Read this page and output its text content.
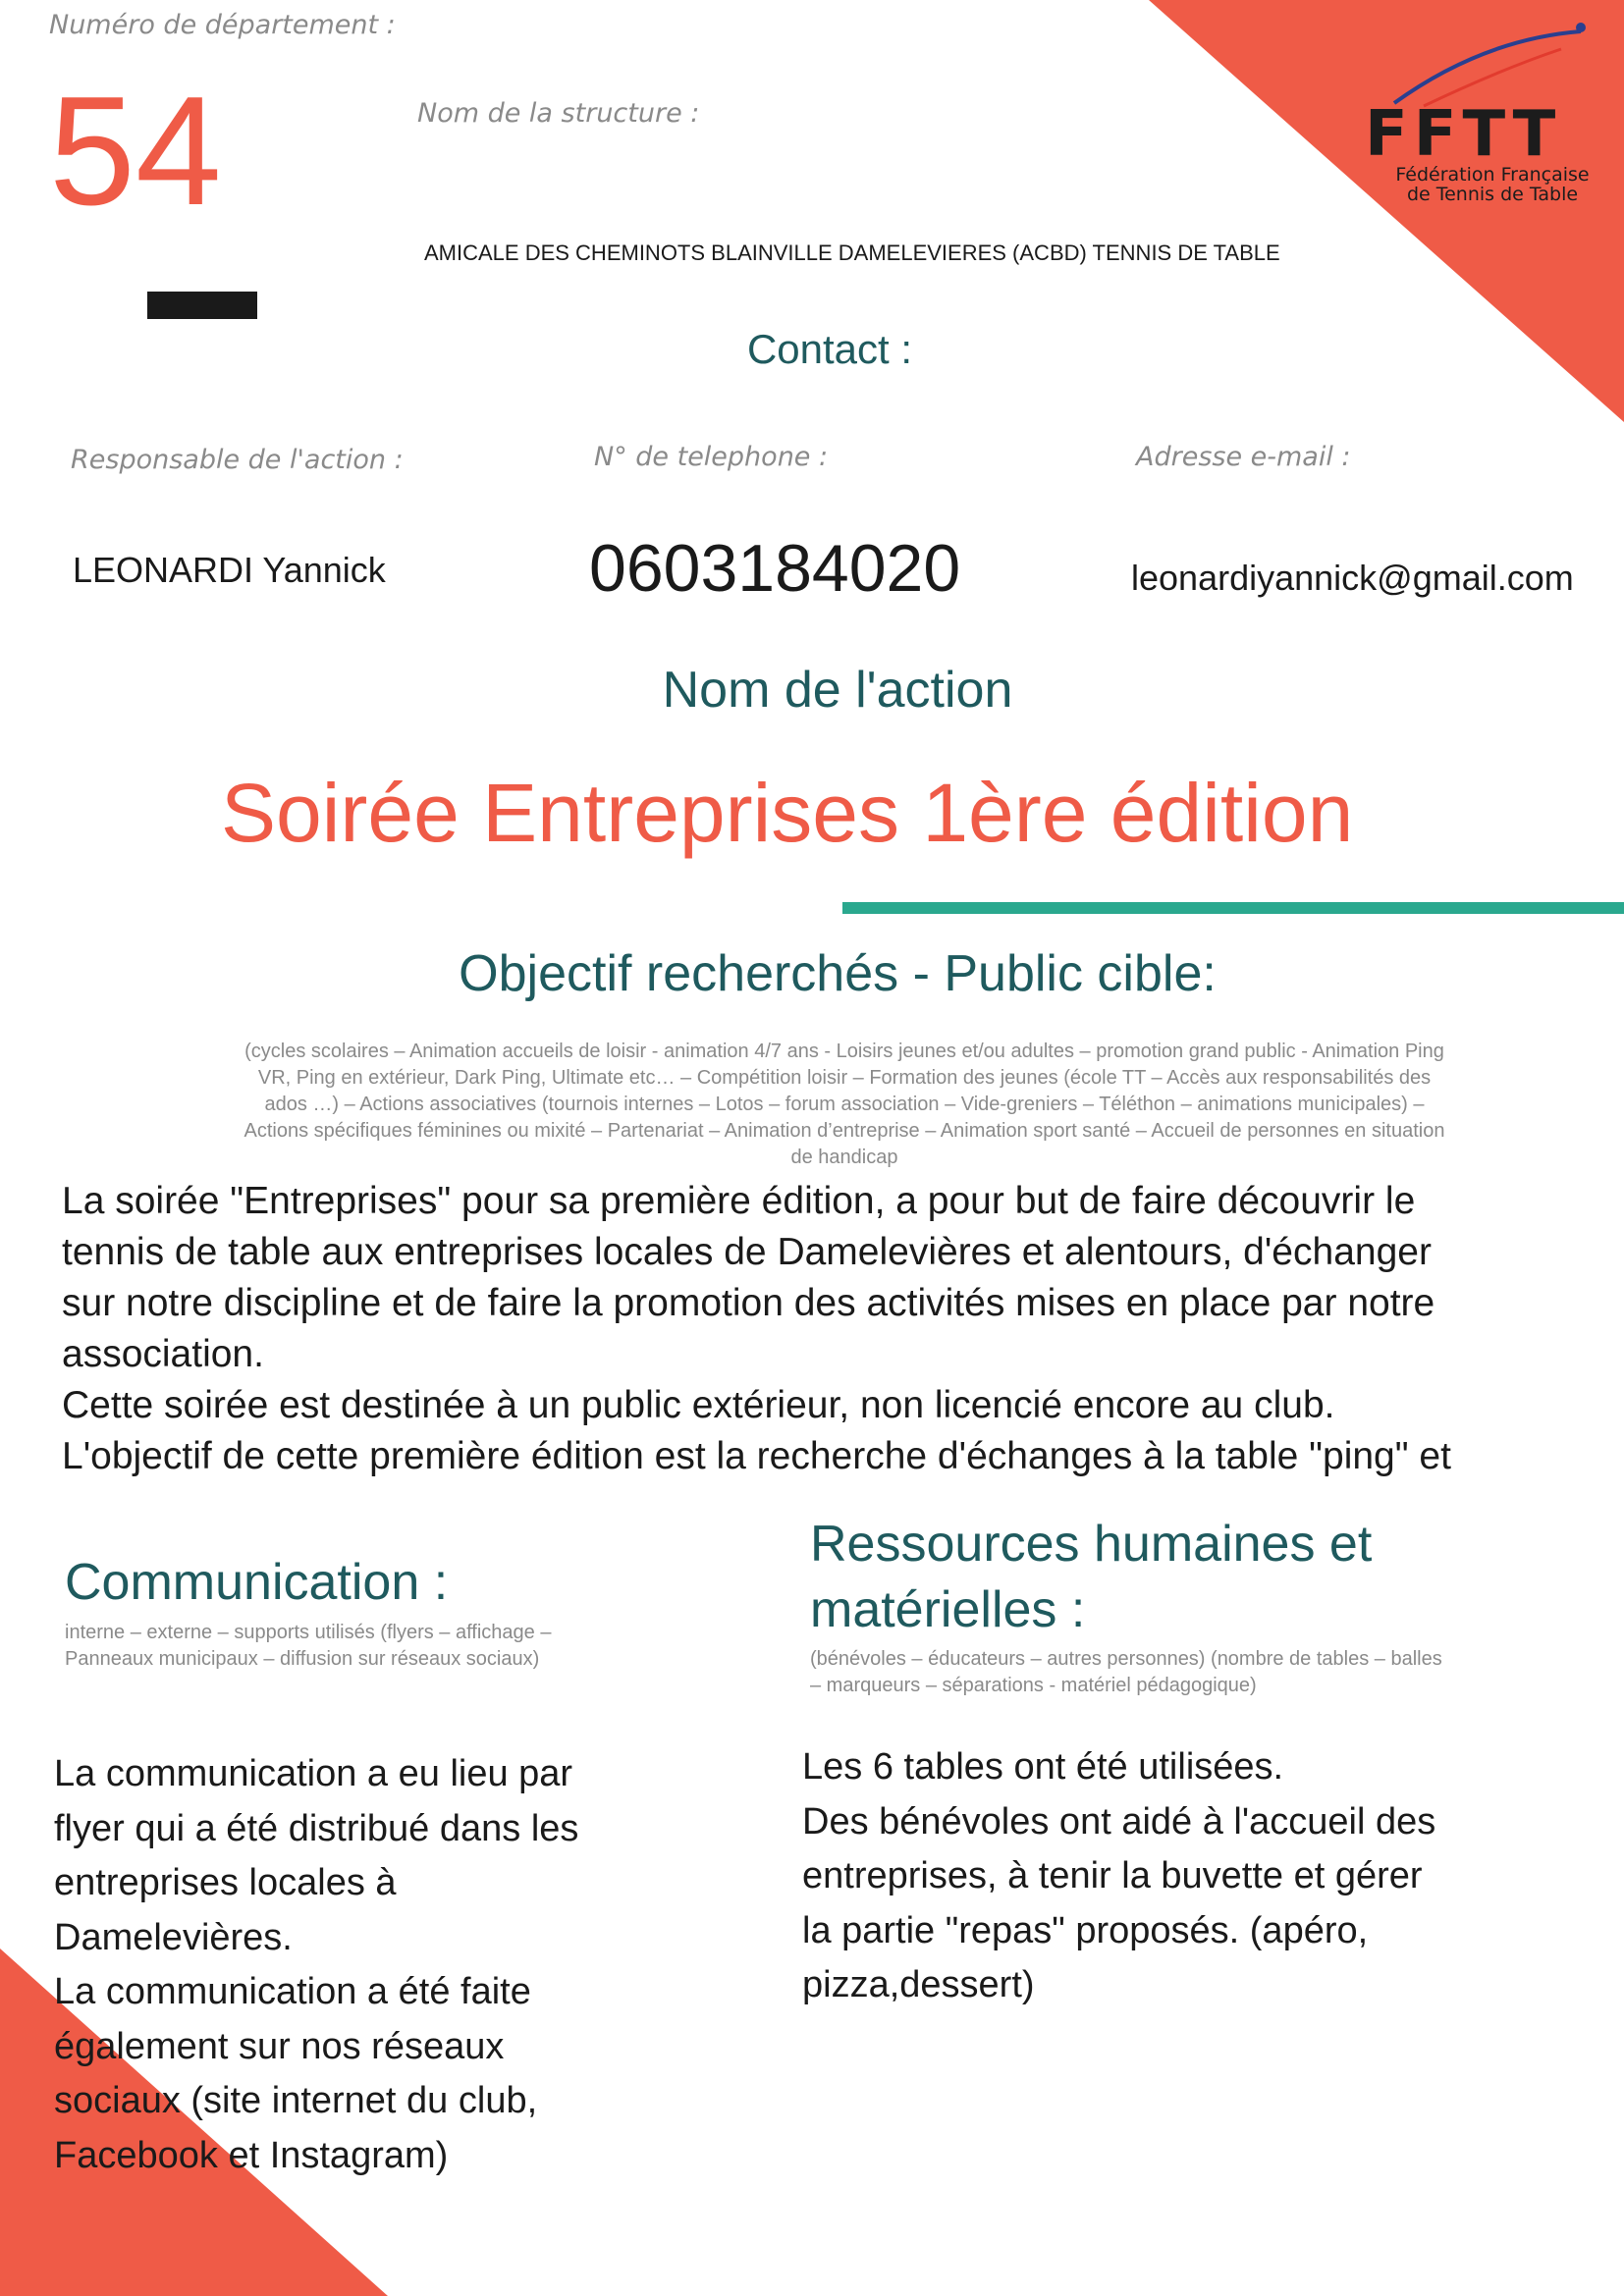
FFTT
Fédération Française
de Tennis de Table
Numéro de département :
54	Nom de la structure :
AMICALE DES CHEMINOTS BLAINVILLE DAMELEVIERES (ACBD) TENNIS DE TABLE
Contact :
Responsable de l'action :	N° de telephone :	Adresse e-mail :
LEONARDI Yannick	0603184020	leonardiyannick@gmail.com
Nom de l'action
Soirée Entreprises 1ère édition
Objectif recherchés - Public cible:
(cycles scolaires – Animation accueils de loisir - animation 4/7 ans - Loisirs jeunes et/ou adultes – promotion grand public - Animation Ping
VR, Ping en extérieur, Dark Ping, Ultimate etc… – Compétition loisir – Formation des jeunes (école TT – Accès aux responsabilités des
ados …) – Actions associatives (tournois internes – Lotos – forum association – Vide-greniers – Téléthon – animations municipales) –
Actions spécifiques féminines ou mixité – Partenariat – Animation d’entreprise – Animation sport santé – Accueil de personnes en situation
de handicap
La soirée "Entreprises" pour sa première édition, a pour but de faire découvrir le
tennis de table aux entreprises locales de Damelevières et alentours, d'échanger
sur notre discipline et de faire la promotion des activités mises en place par notre
association.
Cette soirée est destinée à un public extérieur, non licencié encore au club.
L'objectif de cette première édition est la recherche d'échanges à la table "ping" et
Communication :
interne – externe – supports utilisés (flyers – affichage –
Panneaux municipaux – diffusion sur réseaux sociaux)
La communication a eu lieu par
flyer qui a été distribué dans les
entreprises locales à
Damelevières.
La communication a été faite
également sur nos réseaux
sociaux (site internet du club,
Facebook et Instagram)
Ressources humaines et
matérielles :
(bénévoles – éducateurs – autres personnes) (nombre de tables – balles
– marqueurs – séparations - matériel pédagogique)
Les 6 tables ont été utilisées.
Des bénévoles ont aidé à l'accueil des
entreprises, à tenir la buvette et gérer
la partie "repas" proposés. (apéro,
pizza,dessert)
